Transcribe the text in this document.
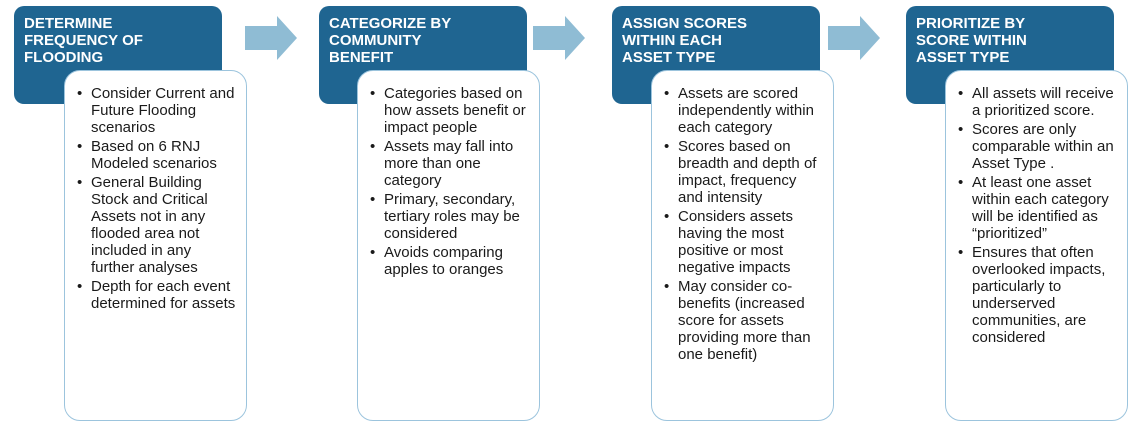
DETERMINE FREQUENCY OF FLOODING
• Consider Current and Future Flooding scenarios
• Based on 6 RNJ Modeled scenarios
• General Building Stock and Critical Assets not in any flooded area not included in any further analyses
• Depth for each event determined for assets
CATEGORIZE BY COMMUNITY BENEFIT
• Categories based on how assets benefit or impact people
• Assets may fall into more than one category
• Primary, secondary, tertiary roles may be considered
• Avoids comparing apples to oranges
ASSIGN SCORES WITHIN EACH ASSET TYPE
• Assets are scored independently within each category
• Scores based on breadth and depth of impact, frequency and intensity
• Considers assets having the most positive or most negative impacts
• May consider co-benefits (increased score for assets providing more than one benefit)
PRIORITIZE BY SCORE WITHIN ASSET TYPE
• All assets will receive a prioritized score.
• Scores are only comparable within an Asset Type .
• At least one asset within each category will be identified as “prioritized”
• Ensures that often overlooked impacts, particularly to underserved communities, are considered
